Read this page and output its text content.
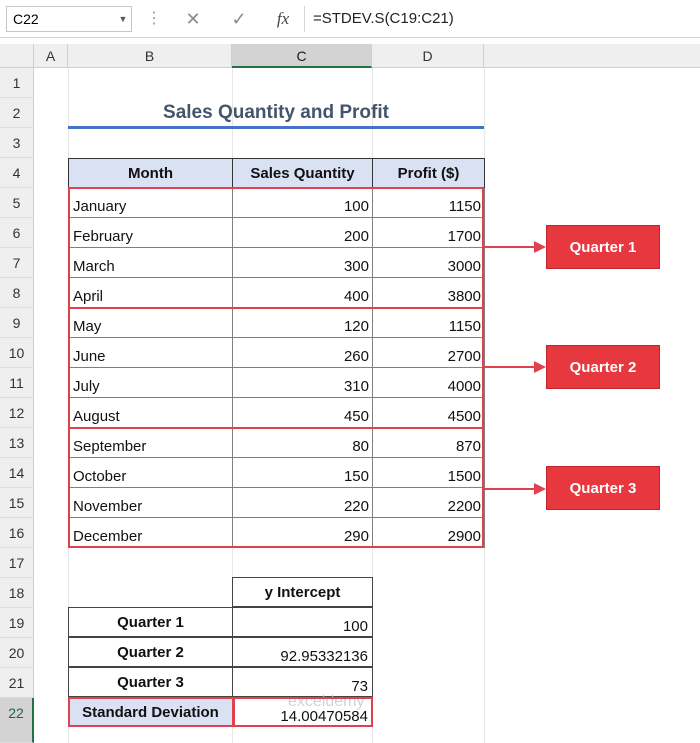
C22	▼ ⋮	✕	✓	fx	=STDEV.S(C19:C21)
A	B	C	D
1
2
3
4
5
6
7
8
9
10
11
12
13
14
15
16
17
18
19
20
21
22
Sales Quantity and Profit
Month	Sales Quantity	Profit ($)
January	100	1150
February	200	1700
March	300	3000
April	400	3800
May	120	1150
June	260	2700
July	310	4000
August	450	4500
September	80	870
October	150	1500
November	220	2200
December	290	2900
Quarter 1
Quarter 2
Quarter 3
y Intercept
Quarter 1	100
Quarter 2	92.95332136
Quarter 3	73
Standard Deviation	14.00470584
exceldemy
